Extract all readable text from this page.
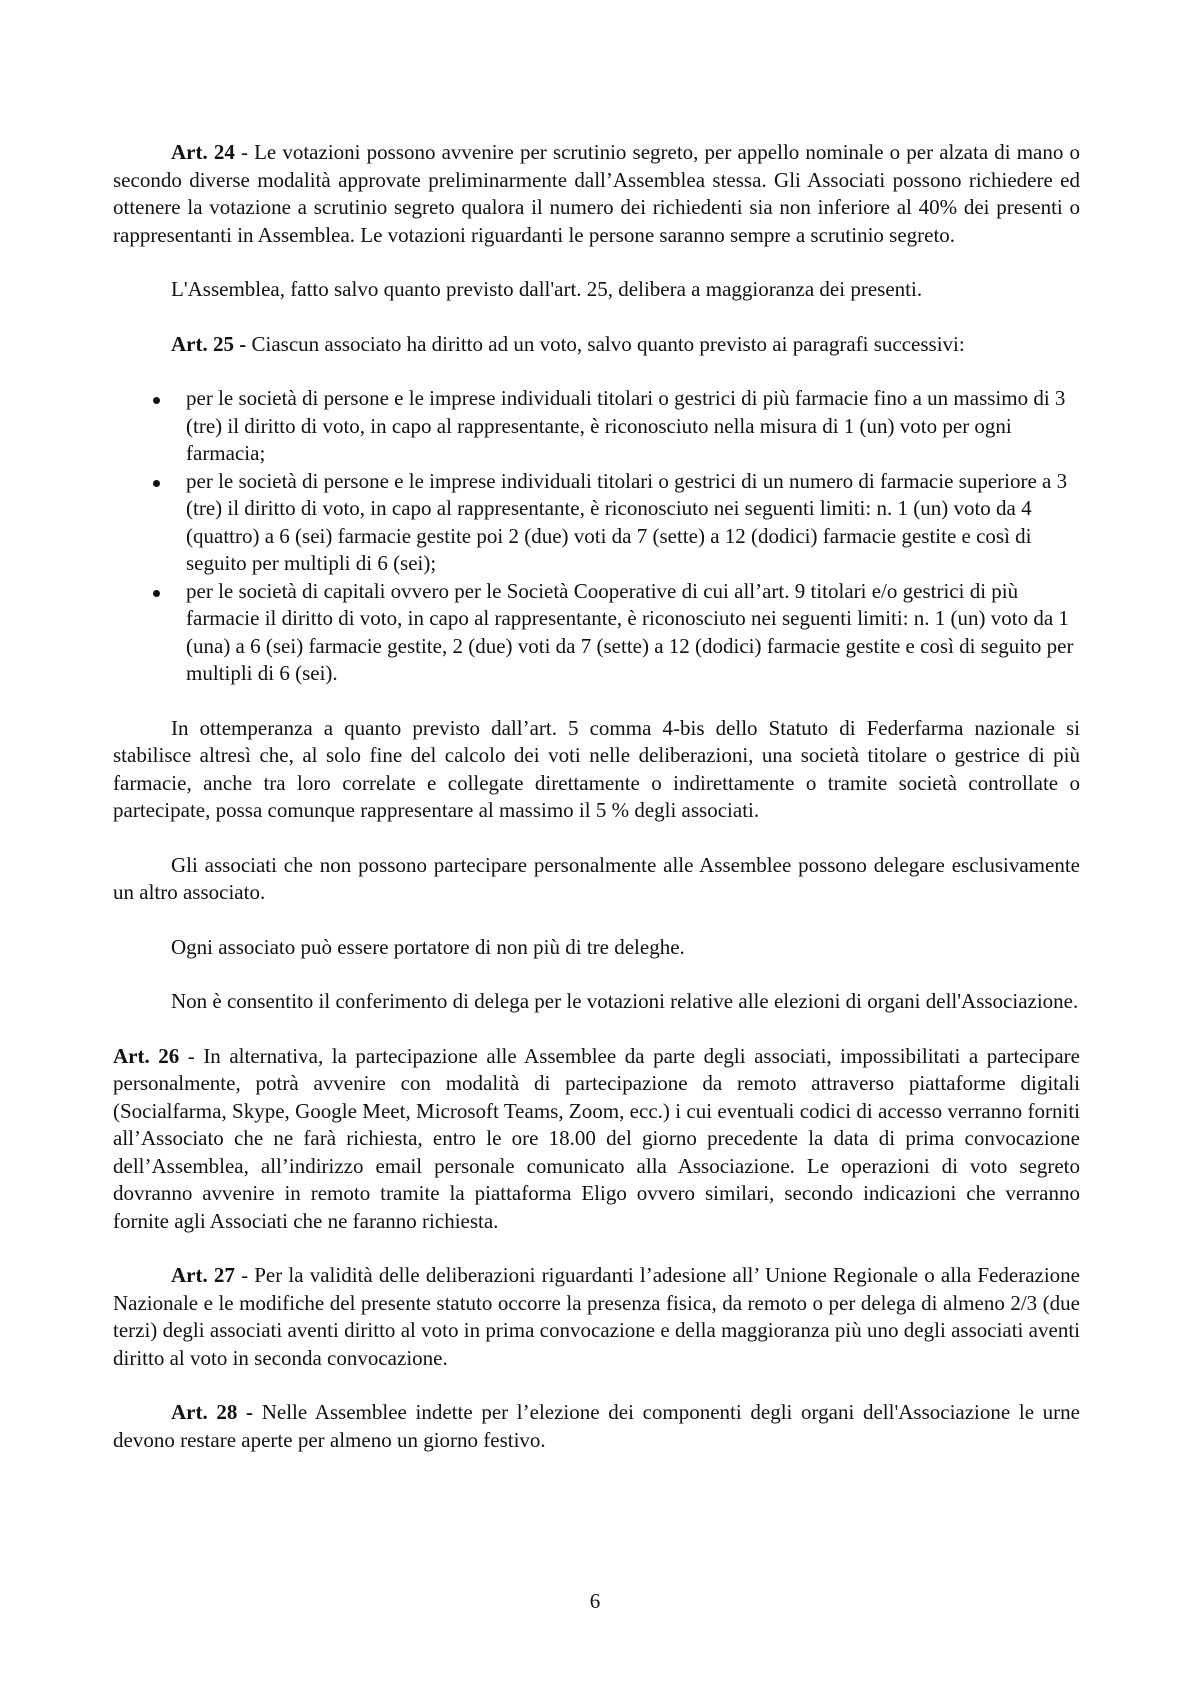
Art. 24 - Le votazioni possono avvenire per scrutinio segreto, per appello nominale o per alzata di mano o secondo diverse modalità approvate preliminarmente dall’Assemblea stessa. Gli Associati possono richiedere ed ottenere la votazione a scrutinio segreto qualora il numero dei richiedenti sia non inferiore al 40% dei presenti o rappresentanti in Assemblea. Le votazioni riguardanti le persone saranno sempre a scrutinio segreto.

L'Assemblea, fatto salvo quanto previsto dall'art. 25, delibera a maggioranza dei presenti.

Art. 25 - Ciascun associato ha diritto ad un voto, salvo quanto previsto ai paragrafi successivi:

per le società di persone e le imprese individuali titolari o gestrici di più farmacie fino a un massimo di 3 (tre) il diritto di voto, in capo al rappresentante, è riconosciuto nella misura di 1 (un) voto per ogni farmacia;
per le società di persone e le imprese individuali titolari o gestrici di un numero di farmacie superiore a 3 (tre) il diritto di voto, in capo al rappresentante, è riconosciuto nei seguenti limiti: n. 1 (un) voto da 4 (quattro) a 6 (sei) farmacie gestite poi 2 (due) voti da 7 (sette) a 12 (dodici) farmacie gestite e così di seguito per multipli di 6 (sei);
per le società di capitali ovvero per le Società Cooperative di cui all’art. 9 titolari e/o gestrici di più farmacie il diritto di voto, in capo al rappresentante, è riconosciuto nei seguenti limiti: n. 1 (un) voto da 1 (una) a 6 (sei) farmacie gestite, 2 (due) voti da 7 (sette) a 12 (dodici) farmacie gestite e così di seguito per multipli di 6 (sei).

In ottemperanza a quanto previsto dall’art. 5 comma 4-bis dello Statuto di Federfarma nazionale si stabilisce altresì che, al solo fine del calcolo dei voti nelle deliberazioni, una società titolare o gestrice di più farmacie, anche tra loro correlate e collegate direttamente o indirettamente o tramite società controllate o partecipate, possa comunque rappresentare al massimo il 5 % degli associati.

Gli associati che non possono partecipare personalmente alle Assemblee possono delegare esclusivamente un altro associato.

Ogni associato può essere portatore di non più di tre deleghe.

Non è consentito il conferimento di delega per le votazioni relative alle elezioni di organi dell'Associazione.

Art. 26 - In alternativa, la partecipazione alle Assemblee da parte degli associati, impossibilitati a partecipare personalmente, potrà avvenire con modalità di partecipazione da remoto attraverso piattaforme digitali (Socialfarma, Skype, Google Meet, Microsoft Teams, Zoom, ecc.) i cui eventuali codici di accesso verranno forniti all’Associato che ne farà richiesta, entro le ore 18.00 del giorno precedente la data di prima convocazione dell’Assemblea, all’indirizzo email personale comunicato alla Associazione. Le operazioni di voto segreto dovranno avvenire in remoto tramite la piattaforma Eligo ovvero similari, secondo indicazioni che verranno fornite agli Associati che ne faranno richiesta.

Art. 27 - Per la validità delle deliberazioni riguardanti l’adesione all’ Unione Regionale o alla Federazione Nazionale e le modifiche del presente statuto occorre la presenza fisica, da remoto o per delega di almeno 2/3 (due terzi) degli associati aventi diritto al voto in prima convocazione e della maggioranza più uno degli associati aventi diritto al voto in seconda convocazione.

Art. 28 - Nelle Assemblee indette per l’elezione dei componenti degli organi dell'Associazione le urne devono restare aperte per almeno un giorno festivo.

6
